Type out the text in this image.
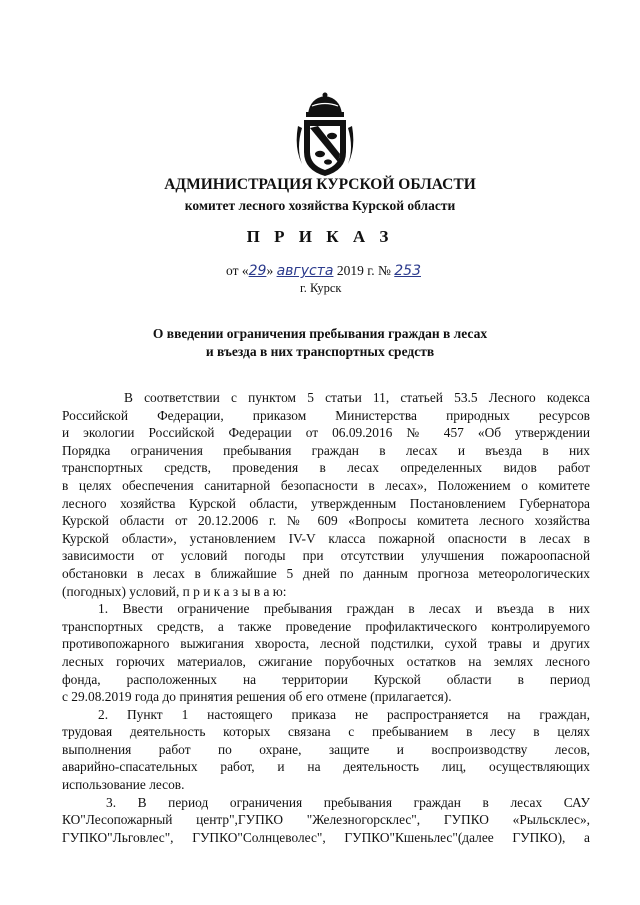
АДМИНИСТРАЦИЯ КУРСКОЙ ОБЛАСТИ
комитет лесного хозяйства Курской области
П Р И К А З
от «29» августа 2019 г. № 253
г. Курск
О введении ограничения пребывания граждан в лесах
и въезда в них транспортных средств
В соответствии с пунктом 5 статьи 11, статьей 53.5 Лесного кодекса
Российской Федерации, приказом Министерства природных ресурсов
и экологии Российской Федерации от 06.09.2016 № 457 «Об утверждении
Порядка ограничения пребывания граждан в лесах и въезда в них
транспортных средств, проведения в лесах определенных видов работ
в целях обеспечения санитарной безопасности в лесах», Положением о комитете
лесного хозяйства Курской области, утвержденным Постановлением Губернатора
Курской области от 20.12.2006 г. № 609 «Вопросы комитета лесного хозяйства
Курской области», установлением IV-V класса пожарной опасности в лесах в
зависимости от условий погоды при отсутствии улучшения пожароопасной
обстановки в лесах в ближайшие 5 дней по данным прогноза метеорологических
(погодных) условий, п р и к а з ы в а ю:
1. Ввести ограничение пребывания граждан в лесах и въезда в них
транспортных средств, а также проведение профилактического контролируемого
противопожарного выжигания хворостa, лесной подстилки, сухой травы и других
лесных горючих материалов, сжигание порубочных остатков на землях лесного
фонда, расположенных на территории Курской области в период
с 29.08.2019 года до принятия решения об его отмене (прилагается).
2. Пункт 1 настоящего приказа не распространяется на граждан,
трудовая деятельность которых связана с пребыванием в лесу в целях
выполнения работ по охране, защите и воспроизводству лесов,
аварийно-спасательных работ, и на деятельность лиц, осуществляющих
использование лесов.
3. В период ограничения пребывания граждан в лесах САУ
КО"Лесопожарный центр",ГУПКО "Железногорсклес", ГУПКО «Рыльсклес»,
ГУПКО"Льговлес", ГУПКО"Солнцеволес", ГУПКО"Кшеньлес"(далее ГУПКО), а
